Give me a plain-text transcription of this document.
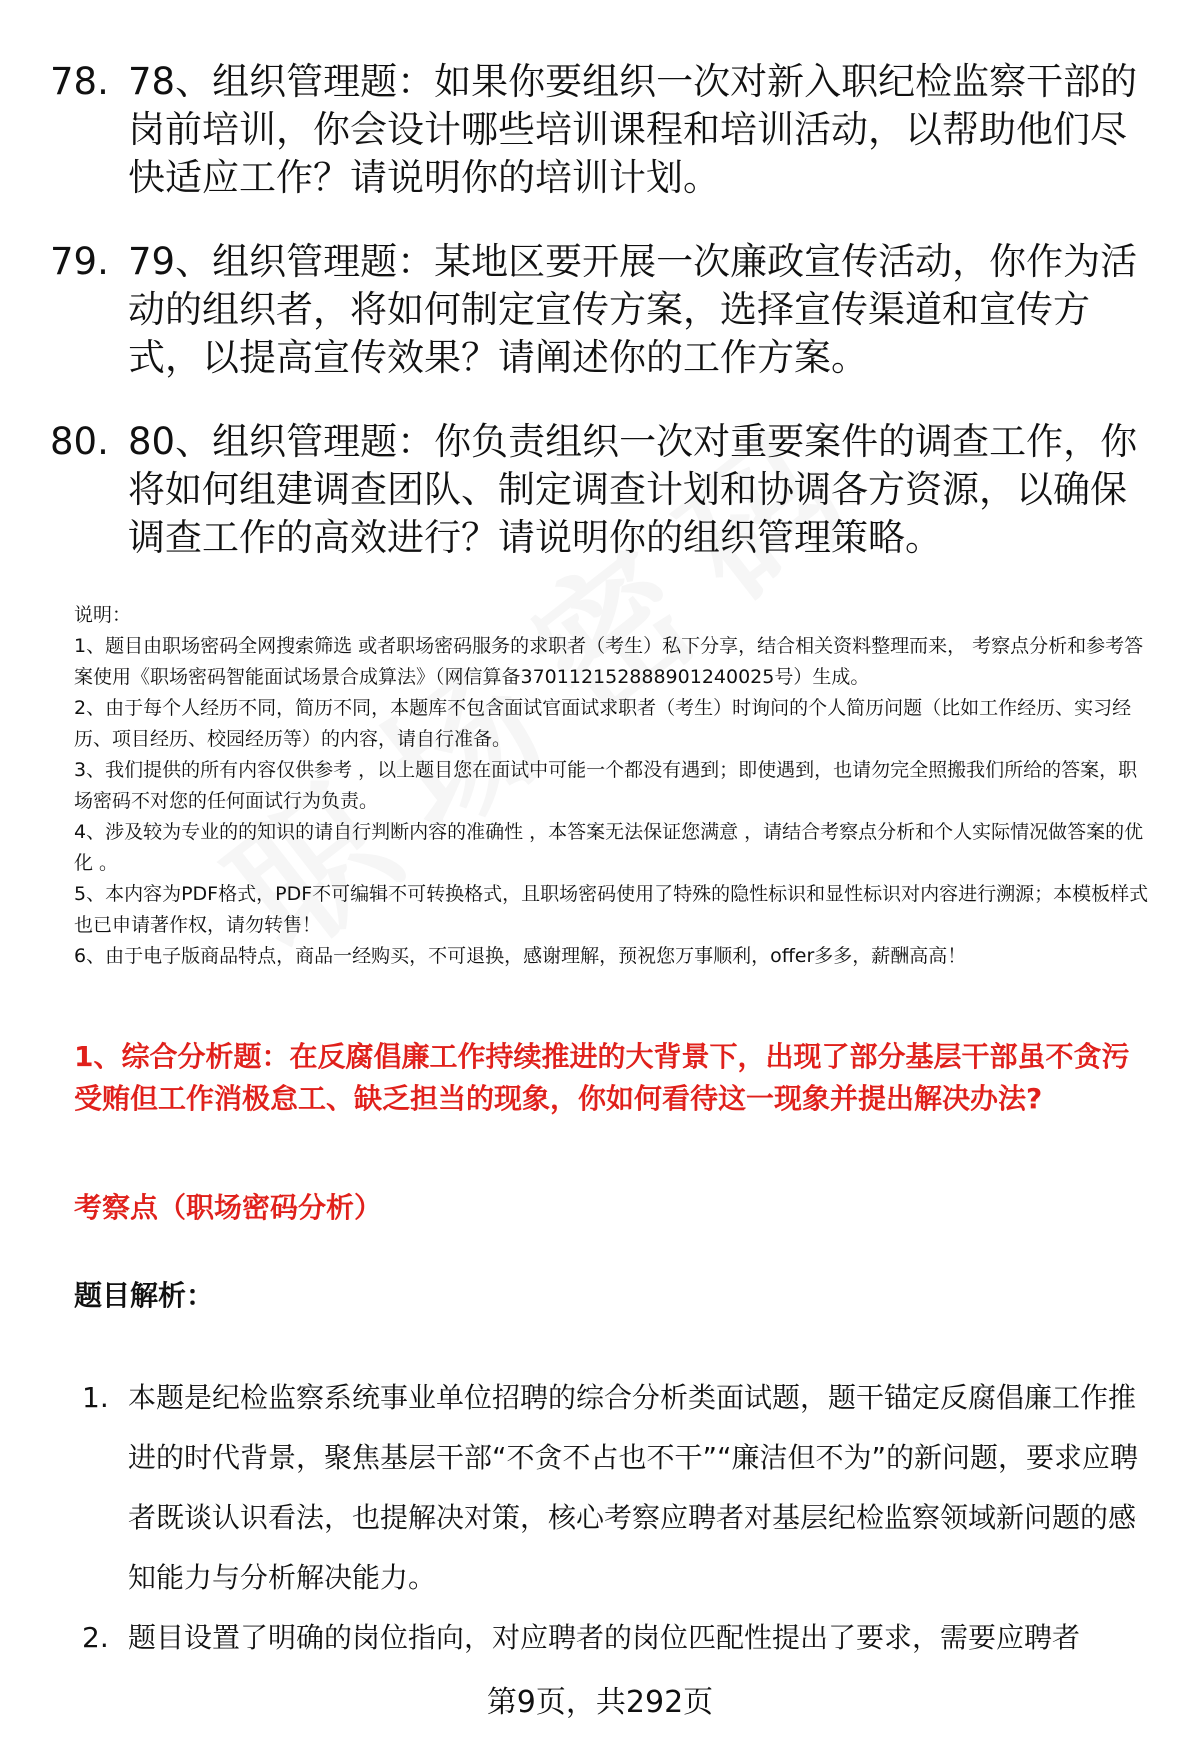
78. 78、组织管理题：如果你要组织一次对新入职纪检监察干部的岗前培训，你会设计哪些培训课程和培训活动，以帮助他们尽快适应工作？请说明你的培训计划。
79. 79、组织管理题：某地区要开展一次廉政宣传活动，你作为活动的组织者，将如何制定宣传方案，选择宣传渠道和宣传方式，以提高宣传效果？请阐述你的工作方案。
80. 80、组织管理题：你负责组织一次对重要案件的调查工作，你将如何组建调查团队、制定调查计划和协调各方资源，以确保调查工作的高效进行？请说明你的组织管理策略。

说明：

1、题目由职场密码全网搜索筛选 或者职场密码服务的求职者（考生）私下分享，结合相关资料整理而来， 考察点分析和参考答案使用《职场密码智能面试场景合成算法》（网信算备370112152888901240025号）生成。

2、由于每个人经历不同，简历不同，本题库不包含面试官面试求职者（考生）时询问的个人简历问题（比如工作经历、实习经历、项目经历、校园经历等）的内容，请自行准备。

3、我们提供的所有内容仅供参考 ，以上题目您在面试中可能一个都没有遇到；即使遇到，也请勿完全照搬我们所给的答案，职场密码不对您的任何面试行为负责。

4、涉及较为专业的的知识的请自行判断内容的准确性 ，本答案无法保证您满意 ，请结合考察点分析和个人实际情况做答案的优化 。

5、本内容为PDF格式，PDF不可编辑不可转换格式，且职场密码使用了特殊的隐性标识和显性标识对内容进行溯源；本模板样式也已申请著作权，请勿转售！

6、由于电子版商品特点，商品一经购买，不可退换，感谢理解，预祝您万事顺利，offer多多，薪酬高高！

1、综合分析题：在反腐倡廉工作持续推进的大背景下，出现了部分基层干部虽不贪污受贿但工作消极怠工、缺乏担当的现象，你如何看待这一现象并提出解决办法?
考察点（职场密码分析）
题目解析：
1. 本题是纪检监察系统事业单位招聘的综合分析类面试题，题干锚定反腐倡廉工作推进的时代背景，聚焦基层干部“不贪不占也不干”“廉洁但不为”的新问题，要求应聘者既谈认识看法，也提解决对策，核心考察应聘者对基层纪检监察领域新问题的感知能力与分析解决能力。
2. 题目设置了明确的岗位指向，对应聘者的岗位匹配性提出了要求，需要应聘者
第9页，共292页
